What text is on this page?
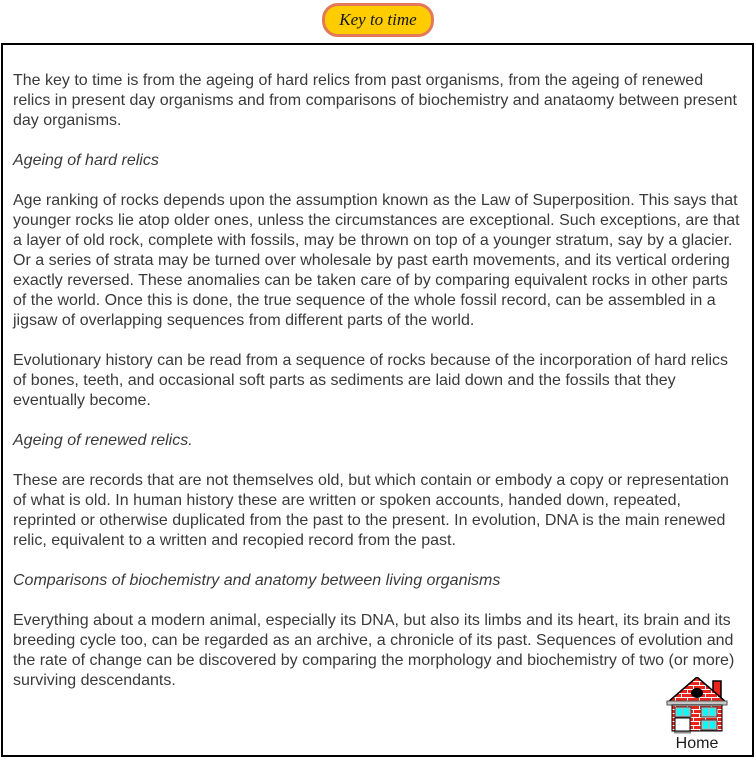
Key to time

The key to time is from the ageing of hard relics from past organisms, from the ageing of renewed relics in present day organisms and from comparisons of biochemistry and anataomy between present day organisms.

Ageing of hard relics

Age ranking of rocks depends upon the assumption known as the Law of Superposition. This says that younger rocks lie atop older ones, unless the circumstances are exceptional. Such exceptions, are that a layer of old rock, complete with fossils, may be thrown on top of a younger stratum, say by a glacier. Or a series of strata may be turned over wholesale by past earth movements, and its vertical ordering exactly reversed. These anomalies can be taken care of by comparing equivalent rocks in other parts of the world. Once this is done, the true sequence of the whole fossil record, can be assembled in a jigsaw of overlapping sequences from different parts of the world.

Evolutionary history can be read from a sequence of rocks because of the incorporation of hard relics of bones, teeth, and occasional soft parts as sediments are laid down and the fossils that they eventually become.

Ageing of renewed relics.

These are records that are not themselves old, but which contain or embody a copy or representation of what is old. In human history these are written or spoken accounts, handed down, repeated, reprinted or otherwise duplicated from the past to the present. In evolution, DNA is the main renewed relic, equivalent to a written and recopied record from the past.

Comparisons of biochemistry and anatomy between living organisms

Everything about a modern animal, especially its DNA, but also its limbs and its heart, its brain and its breeding cycle too, can be regarded as an archive, a chronicle of its past. Sequences of evolution and the rate of change can be discovered by comparing the morphology and biochemistry of two (or more) surviving descendants.

Home
